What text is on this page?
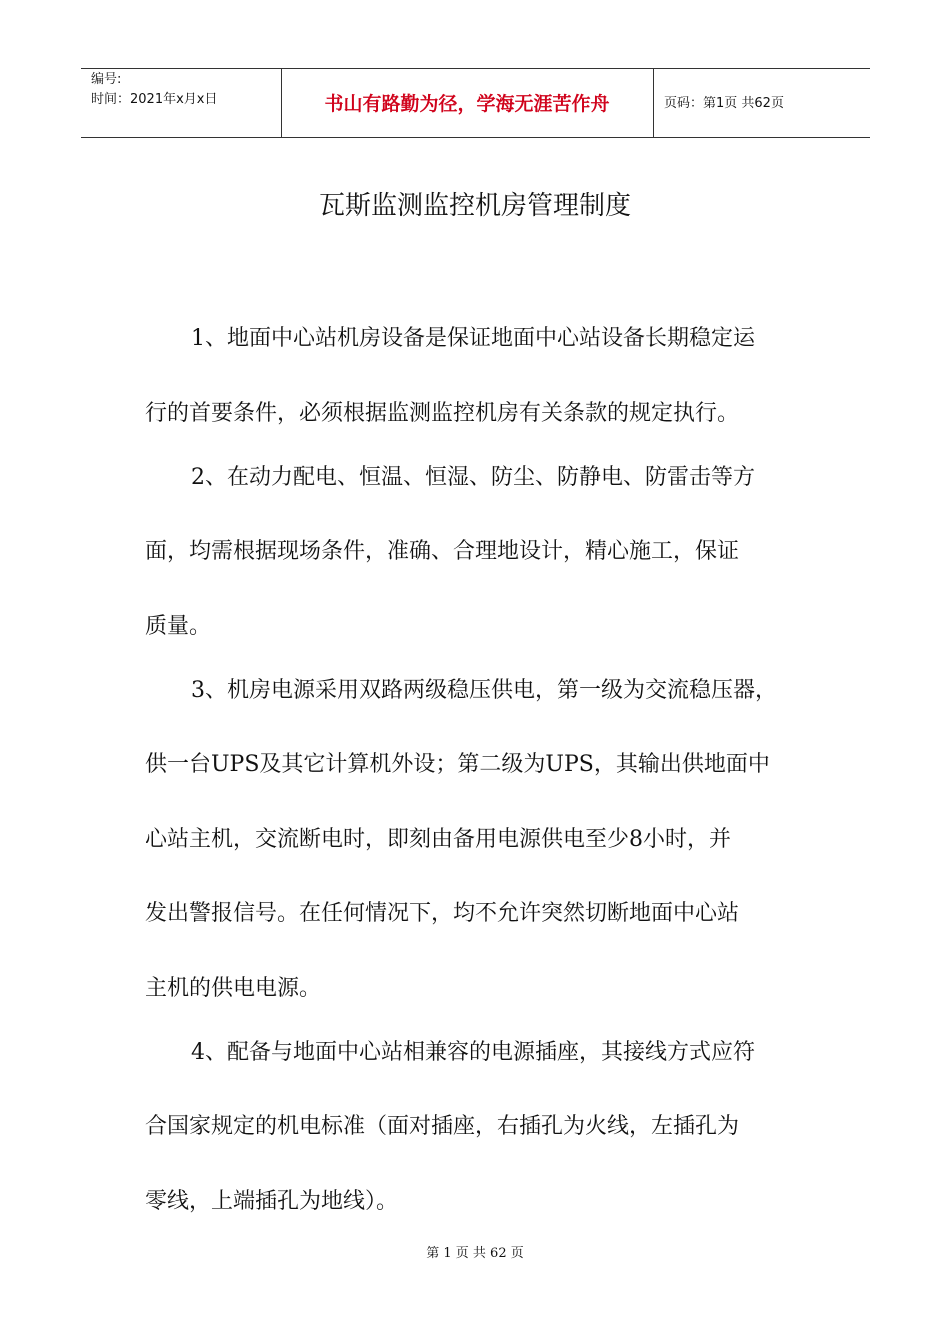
编号:
时间：2021年x月x日	书山有路勤为径，学海无涯苦作舟	页码：第1页 共62页
瓦斯监测监控机房管理制度
1、地面中心站机房设备是保证地面中心站设备长期稳定运
行的首要条件，必须根据监测监控机房有关条款的规定执行。
2、在动力配电、恒温、恒湿、防尘、防静电、防雷击等方
面，均需根据现场条件，准确、合理地设计，精心施工，保证
质量。
3、机房电源采用双路两级稳压供电，第一级为交流稳压器，
供一台UPS及其它计算机外设；第二级为UPS，其输出供地面中
心站主机，交流断电时，即刻由备用电源供电至少8小时，并
发出警报信号。在任何情况下，均不允许突然切断地面中心站
主机的供电电源。
4、配备与地面中心站相兼容的电源插座，其接线方式应符
合国家规定的机电标准（面对插座，右插孔为火线，左插孔为
零线，上端插孔为地线）。
第 1 页 共 62 页
